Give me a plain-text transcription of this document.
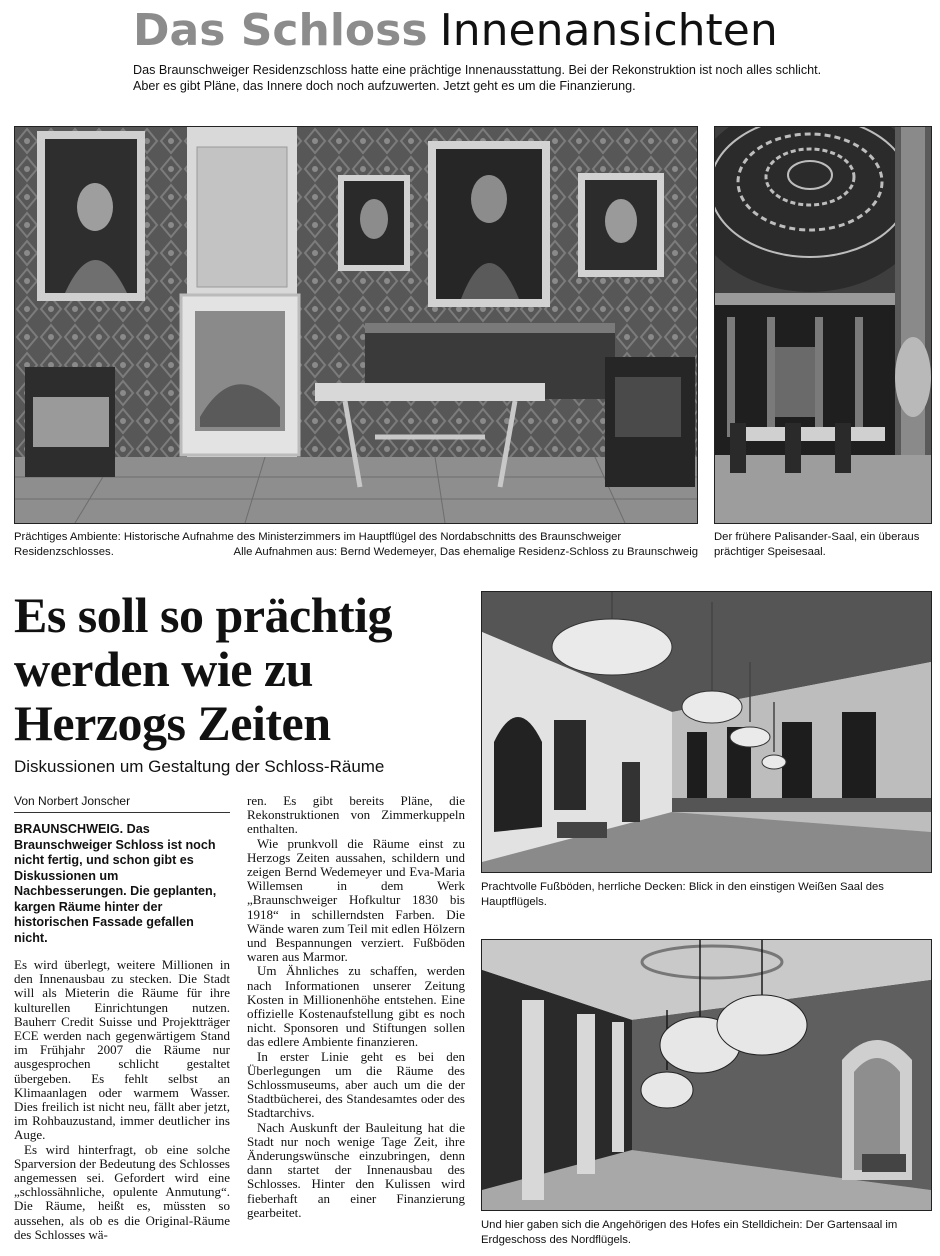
Das Schloss Innenansichten
Das Braunschweiger Residenzschloss hatte eine prächtige Innenausstattung. Bei der Rekonstruktion ist noch alles schlicht. Aber es gibt Pläne, das Innere doch noch aufzuwerten. Jetzt geht es um die Finanzierung.
Prächtiges Ambiente: Historische Aufnahme des Ministerzimmers im Hauptflügel des Nordabschnitts des Braunschweiger Residenzschlosses.	Alle Aufnahmen aus: Bernd Wedemeyer, Das ehemalige Residenz-Schloss zu Braunschweig
Der frühere Palisander-Saal, ein überaus prächtiger Speisesaal.
Prachtvolle Fußböden, herrliche Decken: Blick in den einstigen Weißen Saal des Hauptflügels.
Und hier gaben sich die Angehörigen des Hofes ein Stelldichein: Der Gartensaal im Erdgeschoss des Nordflügels.
Es soll so prächtig werden wie zu Herzogs Zeiten
Diskussionen um Gestaltung der Schloss-Räume
Von Norbert Jonscher

BRAUNSCHWEIG. Das Braunschweiger Schloss ist noch nicht fertig, und schon gibt es Diskussionen um Nachbesserungen. Die geplanten, kargen Räume hinter der historischen Fassade gefallen nicht.

Es wird überlegt, weitere Millionen in den Innenausbau zu stecken. Die Stadt will als Mieterin die Räume für ihre kulturellen Einrichtungen nutzen. Bauherr Credit Suisse und Projektträger ECE werden nach gegenwärtigem Stand im Frühjahr 2007 die Räume nur ausgesprochen schlicht gestaltet übergeben. Es fehlt selbst an Klimaanlagen oder warmem Wasser. Dies freilich ist nicht neu, fällt aber jetzt, im Rohbauzustand, immer deutlicher ins Auge.

Es wird hinterfragt, ob eine solche Sparversion der Bedeutung des Schlosses angemessen sei. Gefordert wird eine „schlossähnliche, opulente Anmutung“. Die Räume, heißt es, müssten so aussehen, als ob es die Original-Räume des Schlosses wä-

ren. Es gibt bereits Pläne, die Rekonstruktionen von Zimmerkuppeln enthalten.

Wie prunkvoll die Räume einst zu Herzogs Zeiten aussahen, schildern und zeigen Bernd Wedemeyer und Eva-Maria Willemsen in dem Werk „Braunschweiger Hofkultur 1830 bis 1918“ in schillerndsten Farben. Die Wände waren zum Teil mit edlen Hölzern und Bespannungen verziert. Fußböden waren aus Marmor.

Um Ähnliches zu schaffen, werden nach Informationen unserer Zeitung Kosten in Millionenhöhe entstehen. Eine offizielle Kostenaufstellung gibt es noch nicht. Sponsoren und Stiftungen sollen das edlere Ambiente finanzieren.

In erster Linie geht es bei den Überlegungen um die Räume des Schlossmuseums, aber auch um die der Stadtbücherei, des Standesamtes oder des Stadtarchivs.

Nach Auskunft der Bauleitung hat die Stadt nur noch wenige Tage Zeit, ihre Änderungswünsche einzubringen, denn dann startet der Innenausbau des Schlosses. Hinter den Kulissen wird fieberhaft an einer Finanzierung gearbeitet.
